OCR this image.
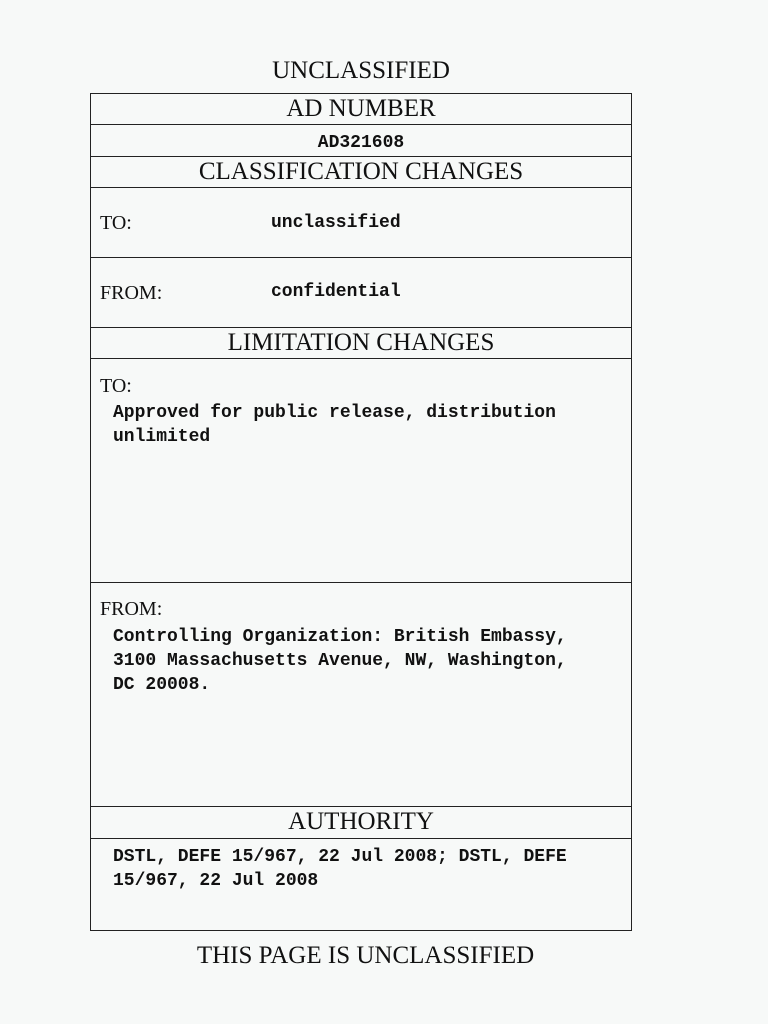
UNCLASSIFIED
AD NUMBER
AD321608
CLASSIFICATION CHANGES
TO:	unclassified
FROM:	confidential
LIMITATION CHANGES
TO:
Approved for public release, distribution
unlimited
FROM:
Controlling Organization: British Embassy,
3100 Massachusetts Avenue, NW, Washington,
DC 20008.
AUTHORITY
DSTL, DEFE 15/967, 22 Jul 2008; DSTL, DEFE
15/967, 22 Jul 2008
THIS PAGE IS UNCLASSIFIED
